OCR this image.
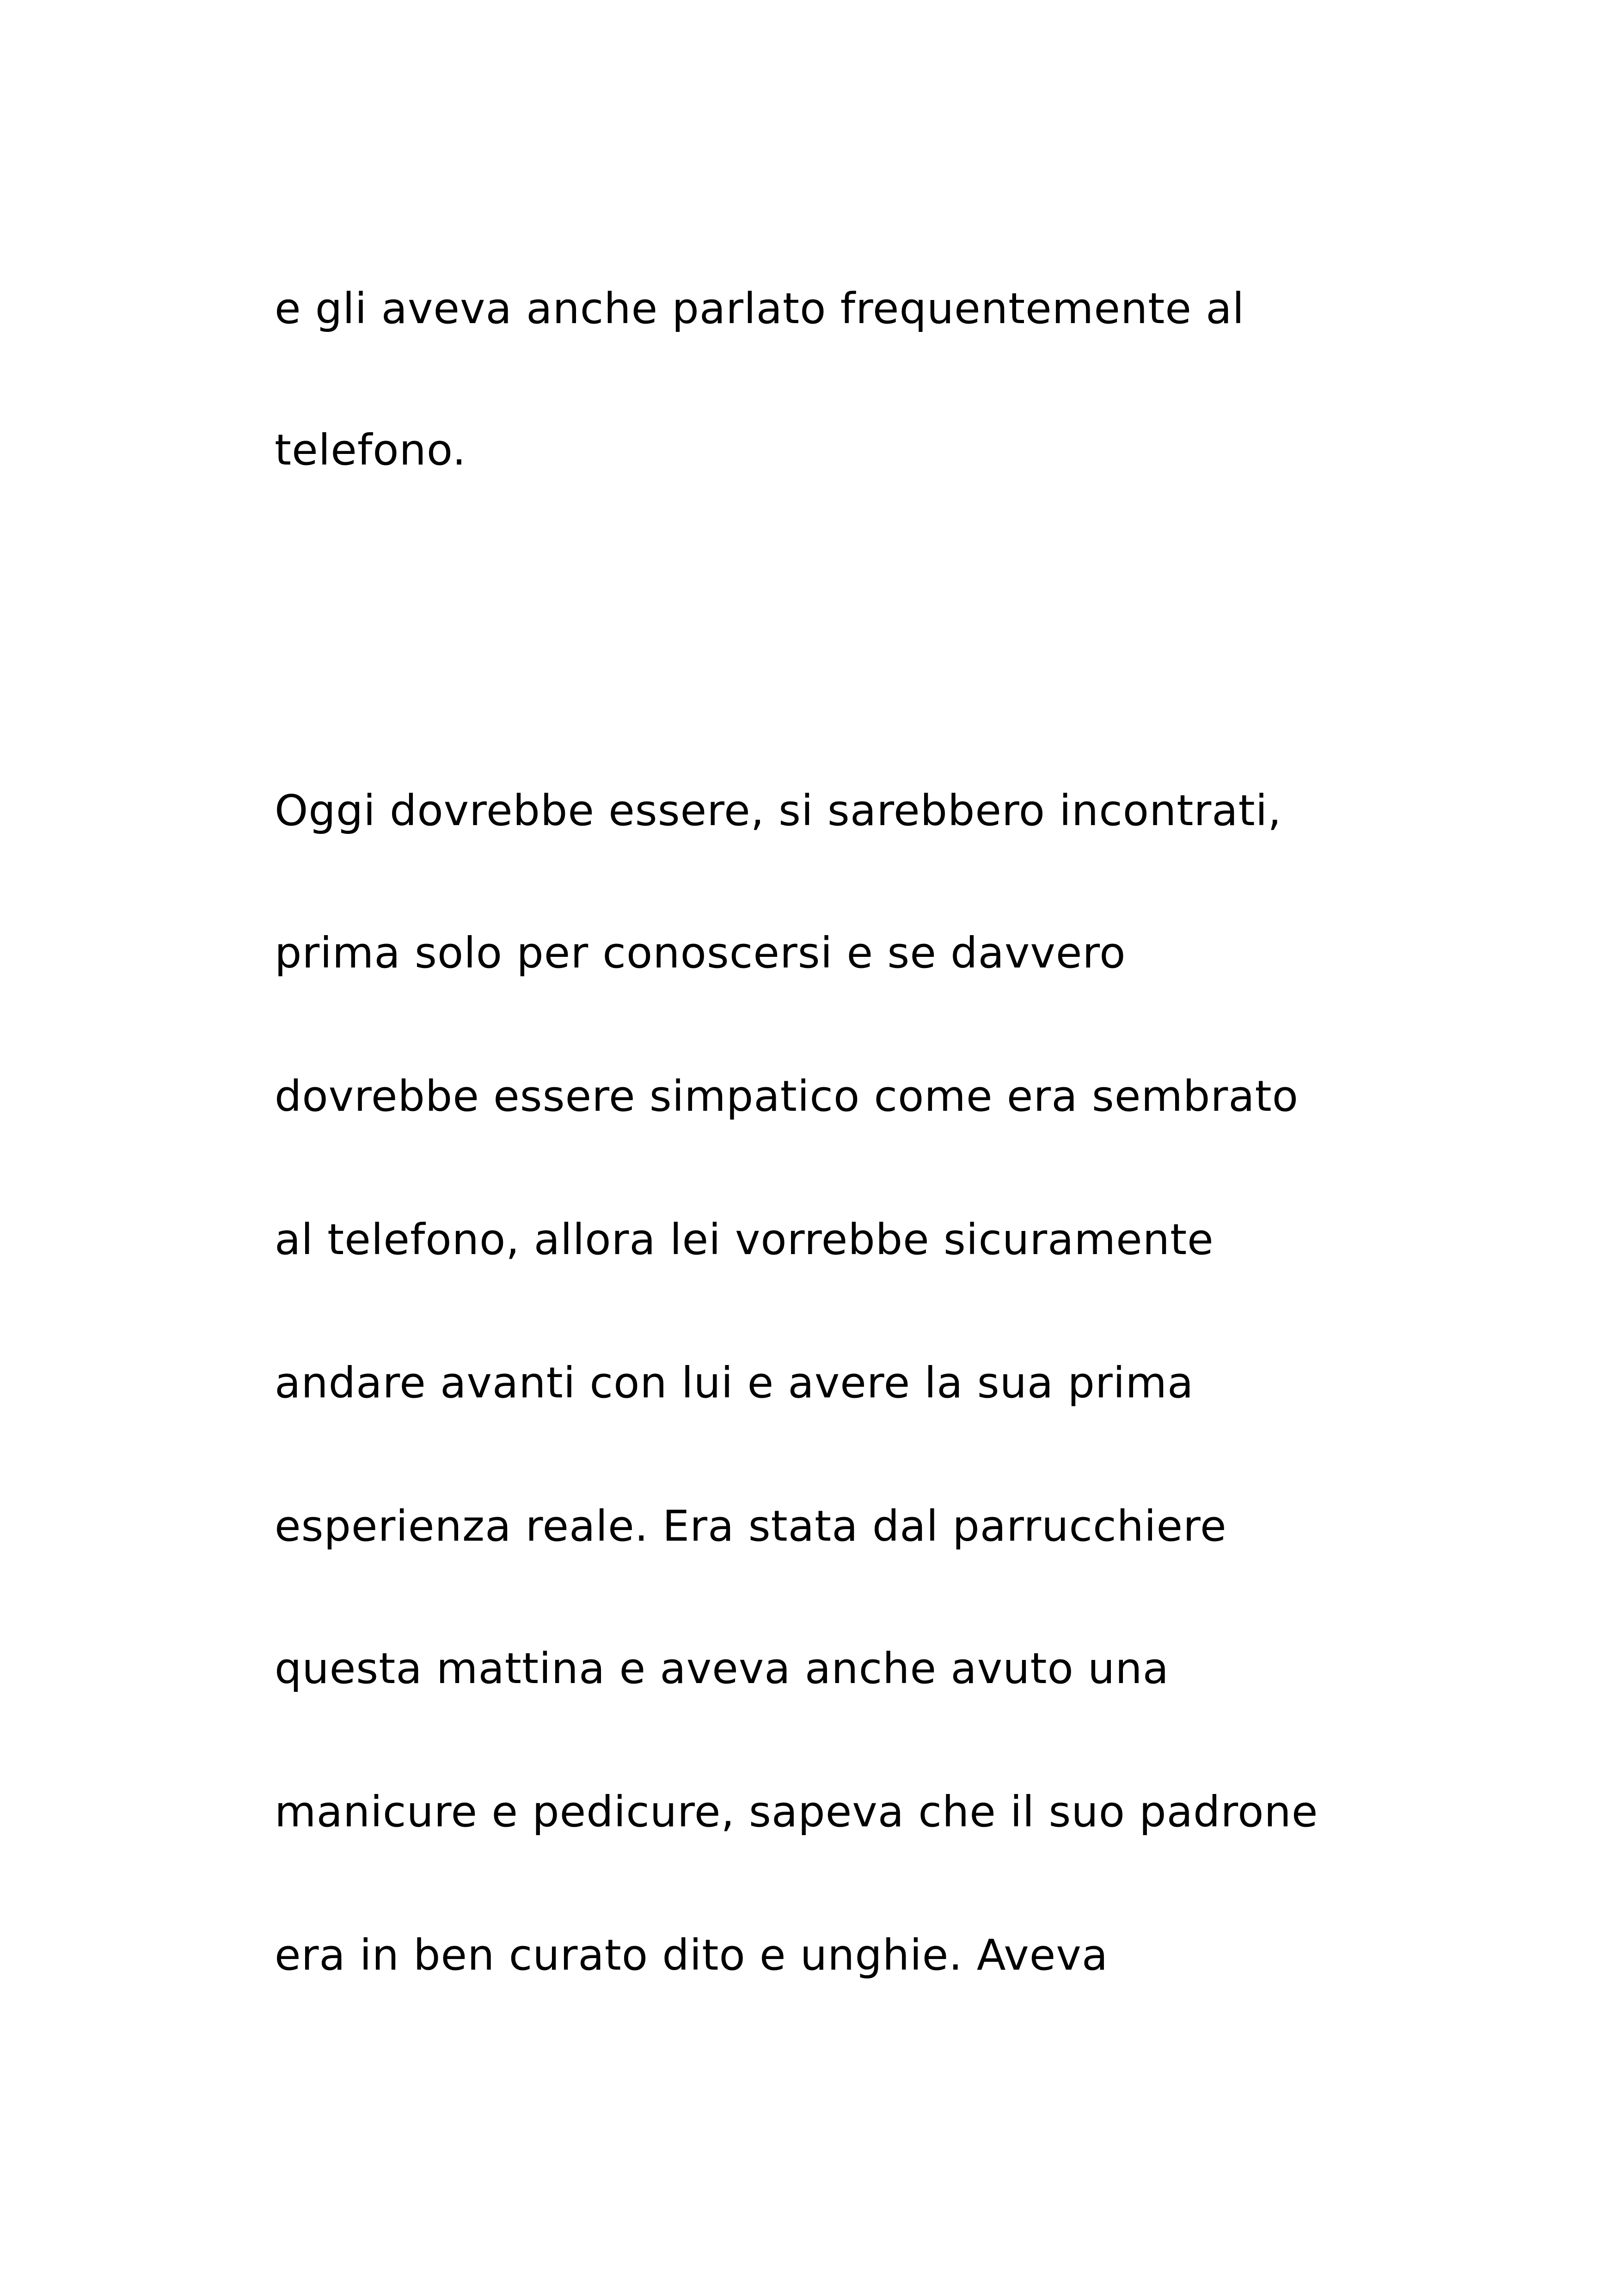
e gli aveva anche parlato frequentemente al
telefono.
Oggi dovrebbe essere, si sarebbero incontrati,
prima solo per conoscersi e se davvero
dovrebbe essere simpatico come era sembrato
al telefono, allora lei vorrebbe sicuramente
andare avanti con lui e avere la sua prima
esperienza reale. Era stata dal parrucchiere
questa mattina e aveva anche avuto una
manicure e pedicure, sapeva che il suo padrone
era in ben curato dito e unghie. Aveva
